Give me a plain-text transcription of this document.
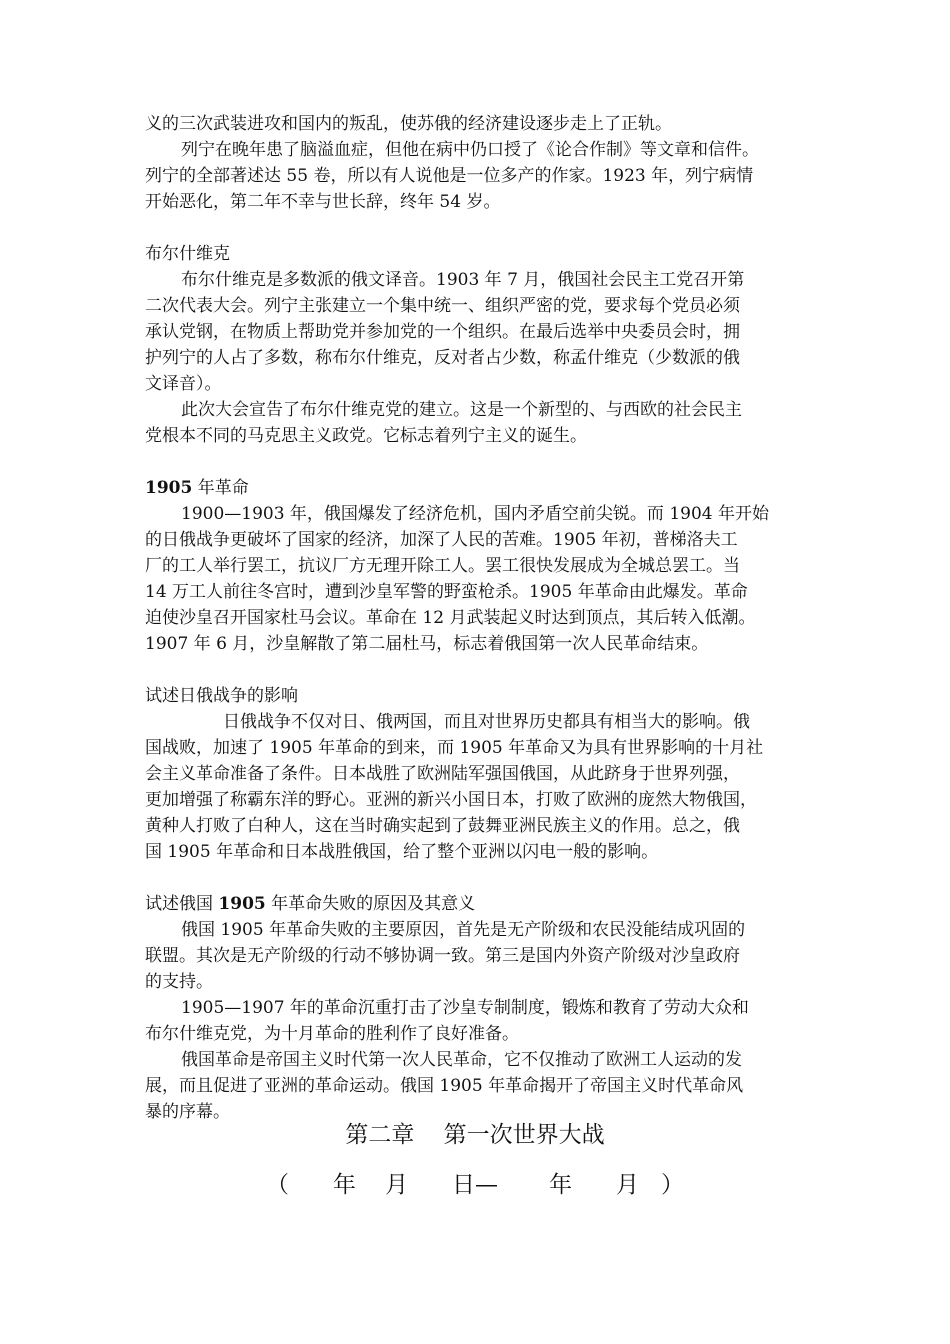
义的三次武装进攻和国内的叛乱，使苏俄的经济建设逐步走上了正轨。
列宁在晚年患了脑溢血症，但他在病中仍口授了《论合作制》等文章和信件。
列宁的全部著述达 55 卷，所以有人说他是一位多产的作家。1923 年，列宁病情
开始恶化，第二年不幸与世长辞，终年 54 岁。
布尔什维克
布尔什维克是多数派的俄文译音。1903 年 7 月，俄国社会民主工党召开第
二次代表大会。列宁主张建立一个集中统一、组织严密的党，要求每个党员必须
承认党钢，在物质上帮助党并参加党的一个组织。在最后选举中央委员会时，拥
护列宁的人占了多数，称布尔什维克，反对者占少数，称孟什维克（少数派的俄
文译音）。
此次大会宣告了布尔什维克党的建立。这是一个新型的、与西欧的社会民主
党根本不同的马克思主义政党。它标志着列宁主义的诞生。
1905 年革命
1900—1903 年，俄国爆发了经济危机，国内矛盾空前尖锐。而 1904 年开始
的日俄战争更破坏了国家的经济，加深了人民的苦难。1905 年初，普梯洛夫工
厂的工人举行罢工，抗议厂方无理开除工人。罢工很快发展成为全城总罢工。当
14 万工人前往冬宫时，遭到沙皇军警的野蛮枪杀。1905 年革命由此爆发。革命
迫使沙皇召开国家杜马会议。革命在 12 月武装起义时达到顶点，其后转入低潮。
1907 年 6 月，沙皇解散了第二届杜马，标志着俄国第一次人民革命结束。
试述日俄战争的影响
日俄战争不仅对日、俄两国，而且对世界历史都具有相当大的影响。俄
国战败，加速了 1905 年革命的到来，而 1905 年革命又为具有世界影响的十月社
会主义革命准备了条件。日本战胜了欧洲陆军强国俄国，从此跻身于世界列强，
更加增强了称霸东洋的野心。亚洲的新兴小国日本，打败了欧洲的庞然大物俄国，
黄种人打败了白种人，这在当时确实起到了鼓舞亚洲民族主义的作用。总之，俄
国 1905 年革命和日本战胜俄国，给了整个亚洲以闪电一般的影响。
试述俄国 1905 年革命失败的原因及其意义
俄国 1905 年革命失败的主要原因，首先是无产阶级和农民没能结成巩固的
联盟。其次是无产阶级的行动不够协调一致。第三是国内外资产阶级对沙皇政府
的支持。
1905—1907 年的革命沉重打击了沙皇专制制度，锻炼和教育了劳动大众和
布尔什维克党，为十月革命的胜利作了良好准备。
俄国革命是帝国主义时代第一次人民革命，它不仅推动了欧洲工人运动的发
展，而且促进了亚洲的革命运动。俄国 1905 年革命揭开了帝国主义时代革命风
暴的序幕。
第二章    第一次世界大战
（      年    月      日—       年      月   ）
